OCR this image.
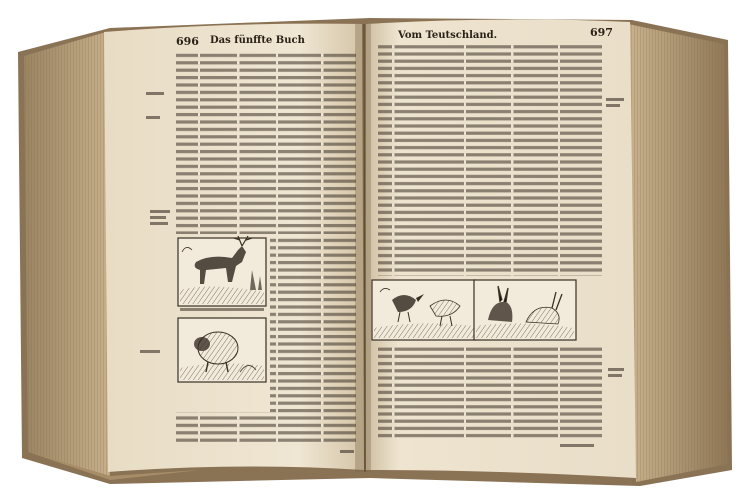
696 Das fünffte Buch	Vom Teutschland.	697
